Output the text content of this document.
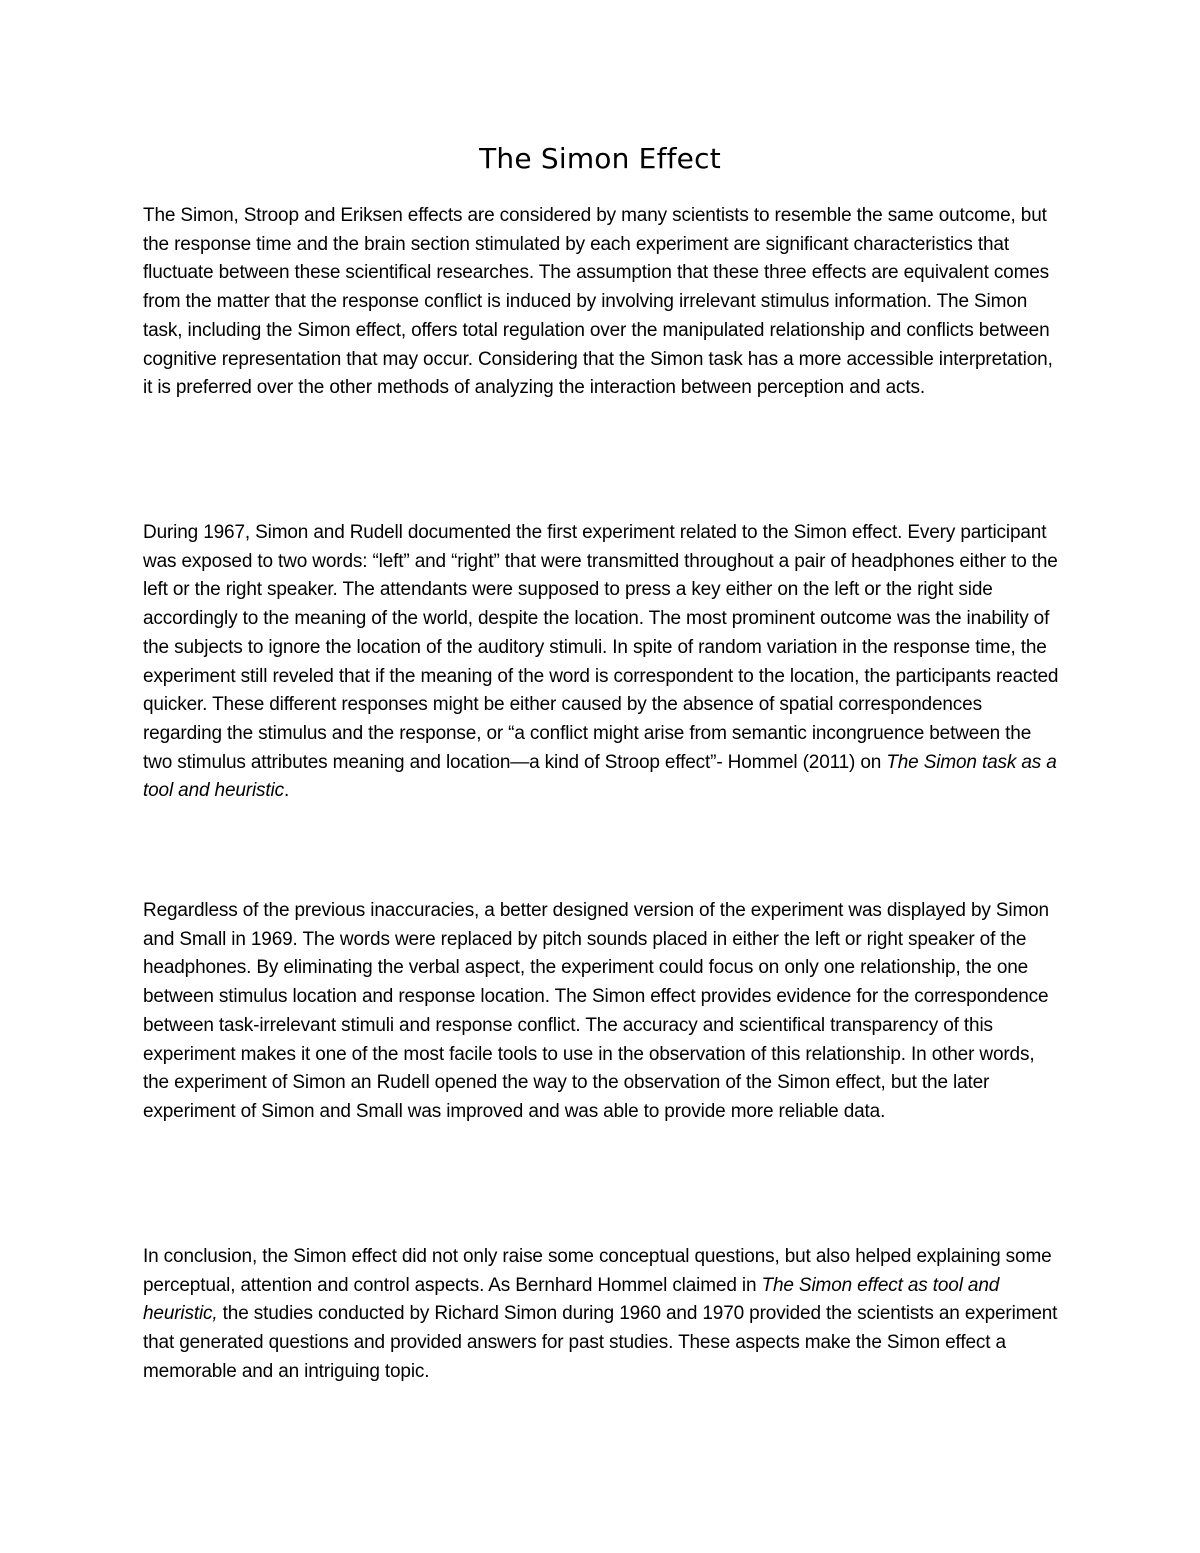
The Simon Effect

The Simon, Stroop and Eriksen effects are considered by many scientists to resemble the same outcome, but the response time and the brain section stimulated by each experiment are significant characteristics that fluctuate between these scientifical researches. The assumption that these three effects are equivalent comes from the matter that the response conflict is induced by involving irrelevant stimulus information. The Simon task, including the Simon effect, offers total regulation over the manipulated relationship and conflicts between cognitive representation that may occur. Considering that the Simon task has a more accessible interpretation, it is preferred over the other methods of analyzing the interaction between perception and acts.

During 1967, Simon and Rudell documented the first experiment related to the Simon effect. Every participant was exposed to two words: “left” and “right” that were transmitted throughout a pair of headphones either to the left or the right speaker. The attendants were supposed to press a key either on the left or the right side accordingly to the meaning of the world, despite the location. The most prominent outcome was the inability of the subjects to ignore the location of the auditory stimuli. In spite of random variation in the response time, the experiment still reveled that if the meaning of the word is correspondent to the location, the participants reacted quicker. These different responses might be either caused by the absence of spatial correspondences regarding the stimulus and the response, or “a conflict might arise from semantic incongruence between the two stimulus attributes meaning and location—a kind of Stroop effect”- Hommel (2011) on The Simon task as a tool and heuristic.

Regardless of the previous inaccuracies, a better designed version of the experiment was displayed by Simon and Small in 1969. The words were replaced by pitch sounds placed in either the left or right speaker of the headphones. By eliminating the verbal aspect, the experiment could focus on only one relationship, the one between stimulus location and response location. The Simon effect provides evidence for the correspondence between task-irrelevant stimuli and response conflict. The accuracy and scientifical transparency of this experiment makes it one of the most facile tools to use in the observation of this relationship. In other words, the experiment of Simon an Rudell opened the way to the observation of the Simon effect, but the later experiment of Simon and Small was improved and was able to provide more reliable data.

In conclusion, the Simon effect did not only raise some conceptual questions, but also helped explaining some perceptual, attention and control aspects. As Bernhard Hommel claimed in The Simon effect as tool and heuristic, the studies conducted by Richard Simon during 1960 and 1970 provided the scientists an experiment that generated questions and provided answers for past studies. These aspects make the Simon effect a memorable and an intriguing topic.
